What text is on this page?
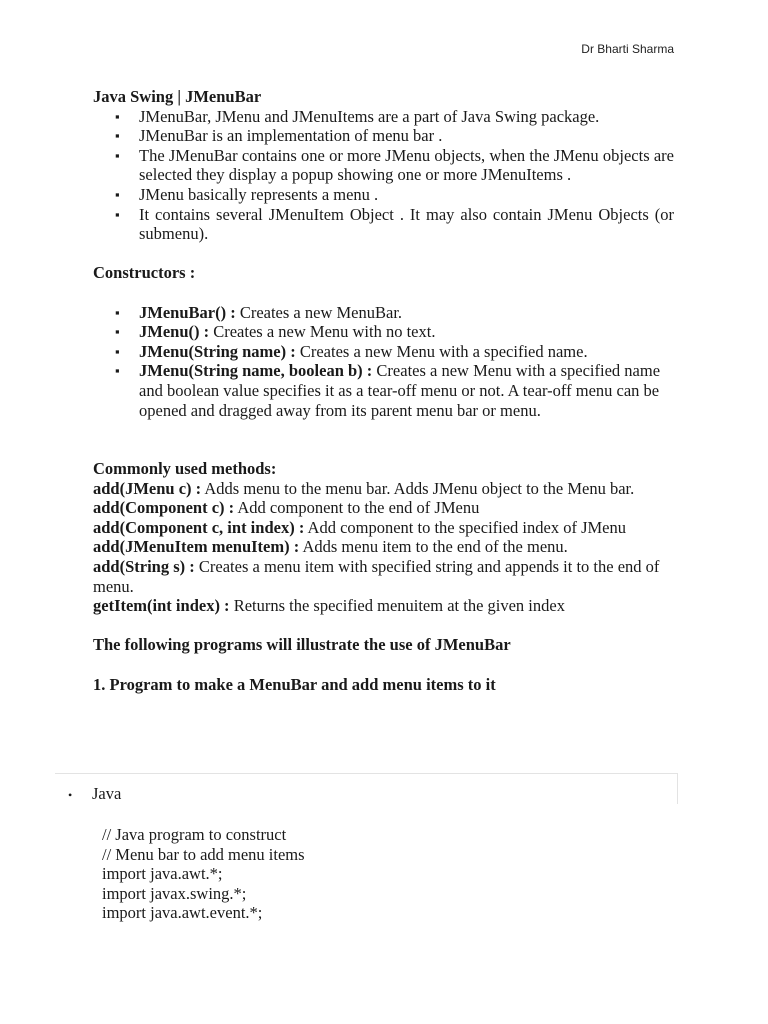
Dr Bharti Sharma

Java Swing | JMenuBar

▪ JMenuBar, JMenu and JMenuItems are a part of Java Swing package.
▪ JMenuBar is an implementation of menu bar .
▪ The JMenuBar contains one or more JMenu objects, when the JMenu objects are selected they display a popup showing one or more JMenuItems .
▪ JMenu basically represents a menu .
▪ It contains several JMenuItem Object . It may also contain JMenu Objects (or submenu).

Constructors :

▪ JMenuBar() : Creates a new MenuBar.
▪ JMenu() : Creates a new Menu with no text.
▪ JMenu(String name) : Creates a new Menu with a specified name.
▪ JMenu(String name, boolean b) : Creates a new Menu with a specified name and boolean value specifies it as a tear-off menu or not. A tear-off menu can be opened and dragged away from its parent menu bar or menu.

Commonly used methods:

add(JMenu c) : Adds menu to the menu bar. Adds JMenu object to the Menu bar.

add(Component c) : Add component to the end of JMenu

add(Component c, int index) : Add component to the specified index of JMenu

add(JMenuItem menuItem) : Adds menu item to the end of the menu.

add(String s) : Creates a menu item with specified string and appends it to the end of menu.

getItem(int index) : Returns the specified menuitem at the given index

The following programs will illustrate the use of JMenuBar

1. Program to make a MenuBar and add menu items to it

• Java
// Java program to construct
// Menu bar to add menu items
import java.awt.*;
import javax.swing.*;
import java.awt.event.*;
